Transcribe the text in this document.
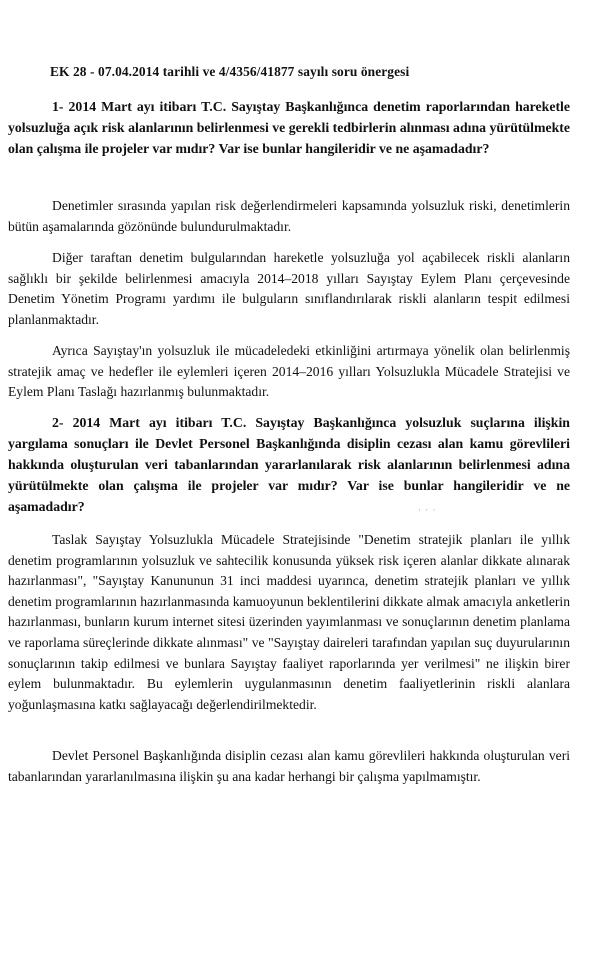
EK 28 - 07.04.2014 tarihli ve 4/4356/41877 sayılı soru önergesi

1- 2014 Mart ayı itibarı T.C. Sayıştay Başkanlığınca denetim raporlarından hareketle yolsuzluğa açık risk alanlarının belirlenmesi ve gerekli tedbirlerin alınması adına yürütülmekte olan çalışma ile projeler var mıdır? Var ise bunlar hangileridir ve ne aşamadadır?

Denetimler sırasında yapılan risk değerlendirmeleri kapsamında yolsuzluk riski, denetimlerin bütün aşamalarında gözönünde bulundurulmaktadır.

Diğer taraftan denetim bulgularından hareketle yolsuzluğa yol açabilecek riskli alanların sağlıklı bir şekilde belirlenmesi amacıyla 2014–2018 yılları Sayıştay Eylem Planı çerçevesinde Denetim Yönetim Programı yardımı ile bulguların sınıflandırılarak riskli alanların tespit edilmesi planlanmaktadır.

Ayrıca Sayıştay'ın yolsuzluk ile mücadeledeki etkinliğini artırmaya yönelik olan belirlenmiş stratejik amaç ve hedefler ile eylemleri içeren 2014–2016 yılları Yolsuzlukla Mücadele Stratejisi ve Eylem Planı Taslağı hazırlanmış bulunmaktadır.

2- 2014 Mart ayı itibarı T.C. Sayıştay Başkanlığınca yolsuzluk suçlarına ilişkin yargılama sonuçları ile Devlet Personel Başkanlığında disiplin cezası alan kamu görevlileri hakkında oluşturulan veri tabanlarından yararlanılarak risk alanlarının belirlenmesi adına yürütülmekte olan çalışma ile projeler var mıdır? Var ise bunlar hangileridir ve ne aşamadadır?	· · ·

Taslak Sayıştay Yolsuzlukla Mücadele Stratejisinde "Denetim stratejik planları ile yıllık denetim programlarının yolsuzluk ve sahtecilik konusunda yüksek risk içeren alanlar dikkate alınarak hazırlanması", "Sayıştay Kanununun 31 inci maddesi uyarınca, denetim stratejik planları ve yıllık denetim programlarının hazırlanmasında kamuoyunun beklentilerini dikkate almak amacıyla anketlerin hazırlanması, bunların kurum internet sitesi üzerinden yayımlanması ve sonuçlarının denetim planlama ve raporlama süreçlerinde dikkate alınması" ve "Sayıştay daireleri tarafından yapılan suç duyurularının sonuçlarının takip edilmesi ve bunlara Sayıştay faaliyet raporlarında yer verilmesi" ne ilişkin birer eylem bulunmaktadır. Bu eylemlerin uygulanmasının denetim faaliyetlerinin riskli alanlara yoğunlaşmasına katkı sağlayacağı değerlendirilmektedir.

Devlet Personel Başkanlığında disiplin cezası alan kamu görevlileri hakkında oluşturulan veri tabanlarından yararlanılmasına ilişkin şu ana kadar herhangi bir çalışma yapılmamıştır.
